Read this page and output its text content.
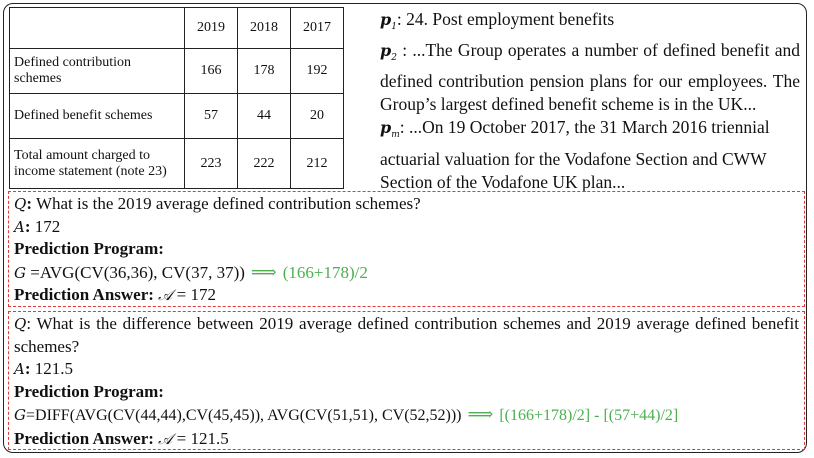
	2019	2018	2017
Defined contribution schemes	166	178	192
Defined benefit schemes	57	44	20
Total amount charged to income statement (note 23)	223	222	212

$p_1$: 24. Post employment benefits

$p_2$ : ...The Group operates a number of defined benefit and defined contribution pension plans for our employees. The Group’s largest defined benefit scheme is in the UK...

$p_m$: ...On 19 October 2017, the 31 March 2016 triennial actuarial valuation for the Vodafone Section and CWW Section of the Vodafone UK plan...

Q: What is the 2019 average defined contribution schemes?

A: 172

Prediction Program:

G =AVG(CV(36,36), CV(37, 37)) ⟹ (166+178)/2

Prediction Answer: 𝒜 = 172

Q: What is the difference between 2019 average defined contribution schemes and 2019 average defined benefit schemes?

A: 121.5

Prediction Program:

G=DIFF(AVG(CV(44,44),CV(45,45)), AVG(CV(51,51), CV(52,52))) ⟹ [(166+178)/2] - [(57+44)/2]

Prediction Answer: 𝒜 = 121.5
